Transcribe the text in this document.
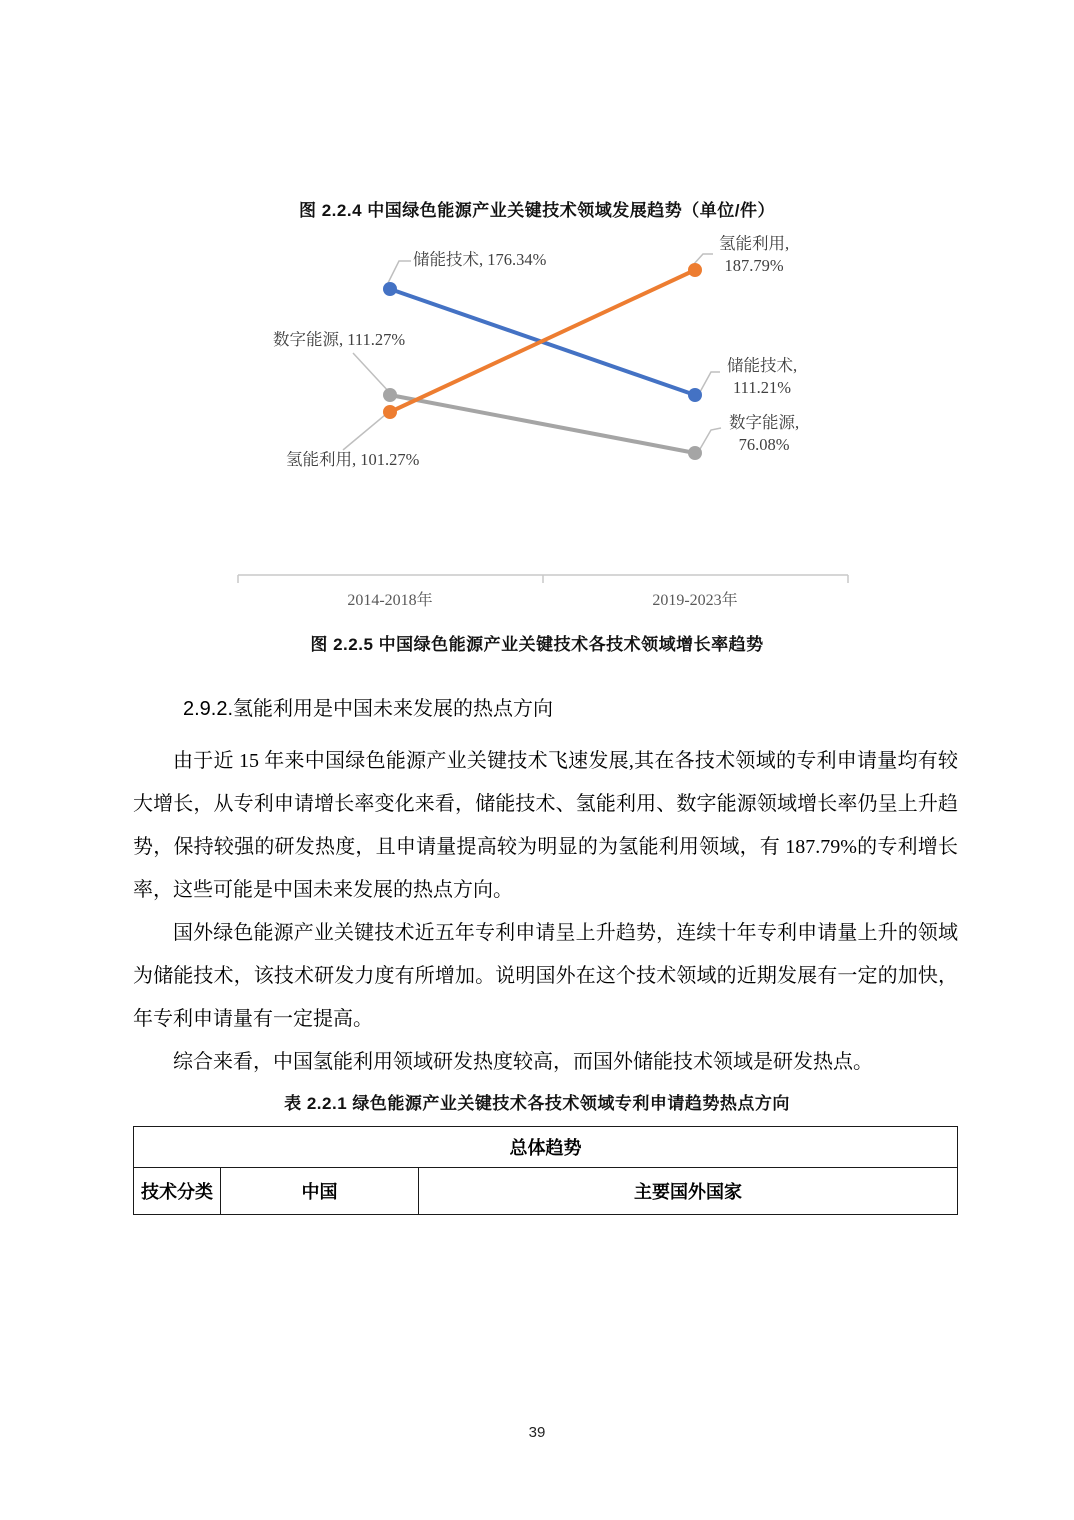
图 2.2.4 中国绿色能源产业关键技术领域发展趋势（单位/件）
储能技术, 176.34%
氢能利用,
187.79%
数字能源, 111.27%
储能技术,
111.21%
数字能源,
76.08%
氢能利用, 101.27%
2014-2018年	2019-2023年
图 2.2.5 中国绿色能源产业关键技术各技术领域增长率趋势
2.9.2.氢能利用是中国未来发展的热点方向
由于近 15 年来中国绿色能源产业关键技术飞速发展,其在各技术领域的专利申请量均有较大增长，从专利申请增长率变化来看，储能技术、氢能利用、数字能源领域增长率仍呈上升趋势，保持较强的研发热度，且申请量提高较为明显的为氢能利用领域，有 187.79%的专利增长率，这些可能是中国未来发展的热点方向。
国外绿色能源产业关键技术近五年专利申请呈上升趋势，连续十年专利申请量上升的领域为储能技术，该技术研发力度有所增加。说明国外在这个技术领域的近期发展有一定的加快，年专利申请量有一定提高。
综合来看，中国氢能利用领域研发热度较高，而国外储能技术领域是研发热点。
表 2.2.1 绿色能源产业关键技术各技术领域专利申请趋势热点方向
总体趋势
技术分类	中国	主要国外国家
39
